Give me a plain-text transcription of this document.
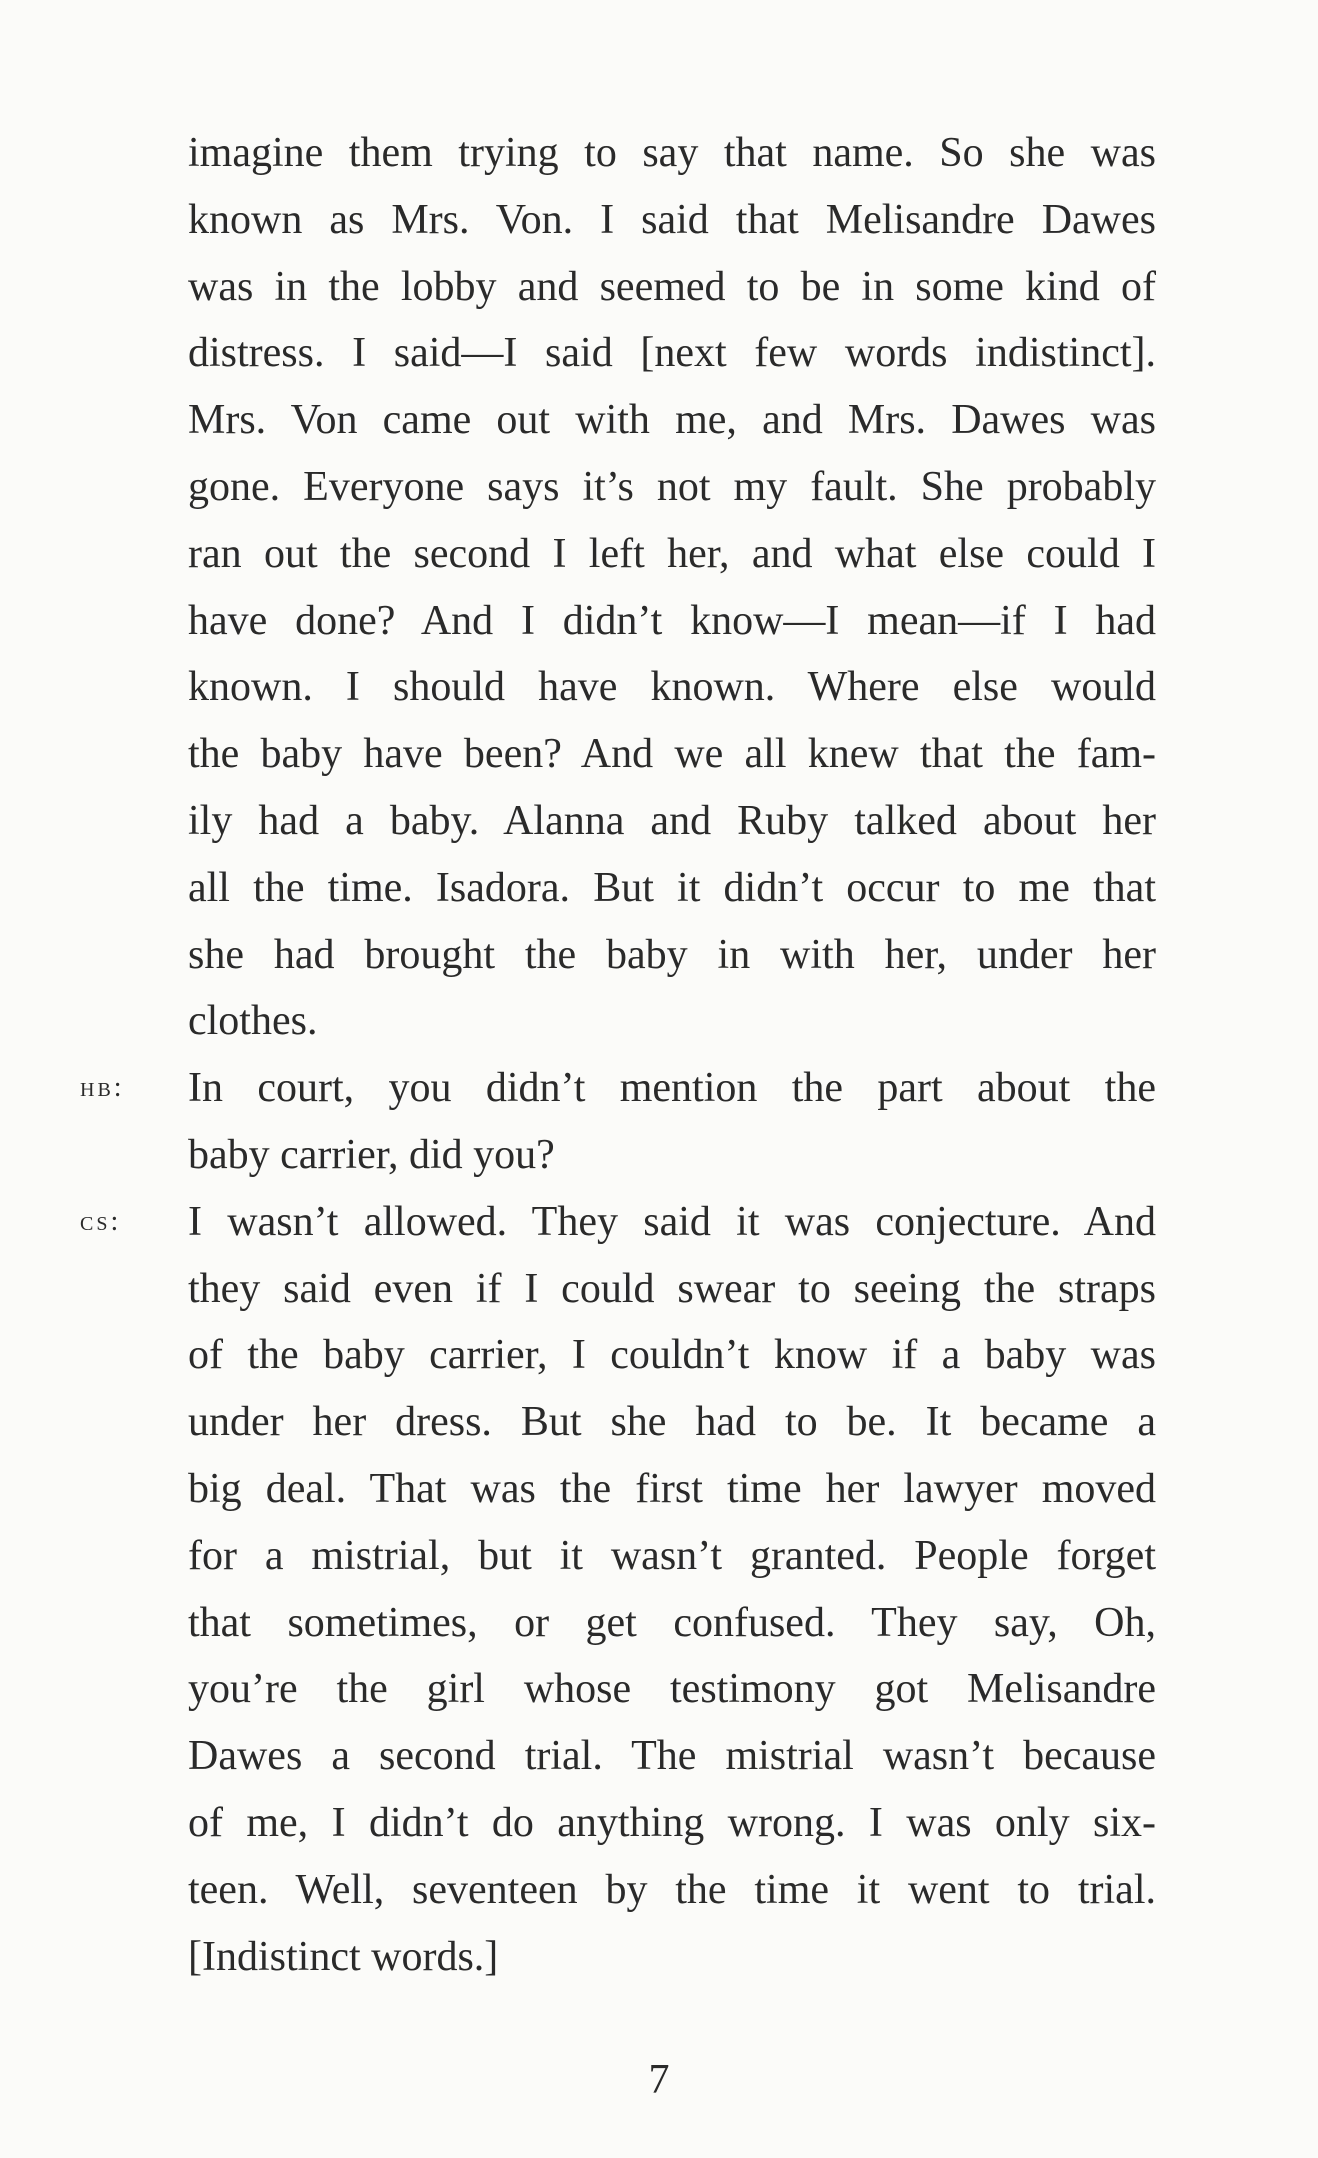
imagine them trying to say that name. So she was
known as Mrs. Von. I said that Melisandre Dawes
was in the lobby and seemed to be in some kind of
distress. I said—I said [next few words indistinct].
Mrs. Von came out with me, and Mrs. Dawes was
gone. Everyone says it’s not my fault. She probably
ran out the second I left her, and what else could I
have done? And I didn’t know—I mean—if I had
known. I should have known. Where else would
the baby have been? And we all knew that the fam-
ily had a baby. Alanna and Ruby talked about her
all the time. Isadora. But it didn’t occur to me that
she had brought the baby in with her, under her
clothes.
hb: In court, you didn’t mention the part about the
baby carrier, did you?
cs: I wasn’t allowed. They said it was conjecture. And
they said even if I could swear to seeing the straps
of the baby carrier, I couldn’t know if a baby was
under her dress. But she had to be. It became a
big deal. That was the first time her lawyer moved
for a mistrial, but it wasn’t granted. People forget
that sometimes, or get confused. They say, Oh,
you’re the girl whose testimony got Melisandre
Dawes a second trial. The mistrial wasn’t because
of me, I didn’t do anything wrong. I was only six-
teen. Well, seventeen by the time it went to trial.
[Indistinct words.]
7
